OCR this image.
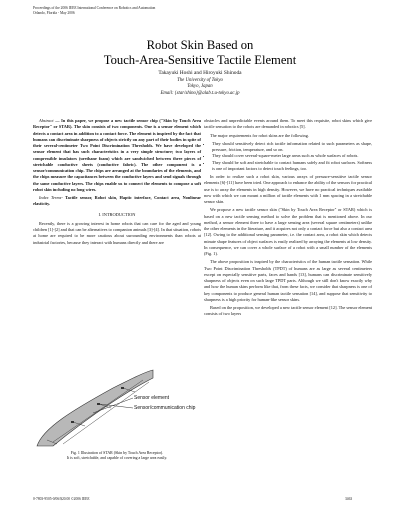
Proceedings of the 2006 IEEE International Conference on Robotics and Automation
Orlando, Florida - May 2006
Robot Skin Based on
Touch-Area-Sensitive Tactile Element
Takayuki Hoshi and Hiroyuki Shinoda
The University of Tokyo
Tokyo, Japan
Email: {star/shino}@alab.t.u-tokyo.ac.jp

Abstract — In this paper, we propose a new tactile sensor chip ("Skin by Touch Area Receptor" or STAR). The skin consists of two components. One is a sensor element which detects a contact area in addition to a contact force. The element is inspired by the fact that humans can discriminate sharpness of objects strictly on any part of their bodies in spite of their several-centimeter Two Point Discrimination Thresholds. We have developed the sensor element that has such characteristics in a very simple structure; two layers of compressible insulators (urethane foam) which are sandwiched between three pieces of stretchable conductive sheets (conductive fabric). The other component is a sensor/communication chip. The chips are arranged at the boundaries of the elements, and the chips measure the capacitances between the conductive layers and send signals through the same conductive layers. The chips enable us to connect the elements to compose a soft robot skin including no long wires.

Index Terms- Tactile sensor, Robot skin, Haptic interface, Contact area, Nonlinear elasticity.

I. INTRODUCTION

Recently, there is a growing interest in home robots that can care for the aged and young children [1]-[2] and that can be alternatives to companion animals [3]-[4]. In that situation, robots at home are required to be more cautious about surrounding environments than robots at industrial factories, because they interact with humans directly and there are

Sensor element
Sensor/communication chip
Fig. 1 Illustration of STAR (Skin by Touch Area Receptor).
It is soft, stretchable, and capable of covering a large area easily.

obstacles and unpredictable events around them. To meet this requisite, robot skins which give tactile sensation to the robots are demanded in robotics [5].

The major requirements for robot skins are the following.

• They should sensitively detect rich tactile information related to such parameters as shape, pressure, friction, temperature, and so on.
• They should cover several-square-meter large areas such as whole surfaces of robots.
• They should be soft and stretchable to contact humans safely and fit robot surfaces. Softness is one of important factors to detect touch feelings, too.

In order to realize such a robot skin, various arrays of pressure-sensitive tactile sensor elements [6]-[11] have been tried. One approach to enhance the ability of the sensors for practical use is to array the elements in high density. However, we have no practical techniques available now with which we can mount a million of tactile elements with 1 mm spacing in a stretchable sensor skin.

We propose a new tactile sensor skin ("Skin by Touch Area Receptor" or STAR) which is based on a new tactile sensing method to solve the problem that is mentioned above. In our method, a sensor element three to have a large sensing area (several square centimeters) unlike the other elements in the literature, and it acquires not only a contact force but also a contact area [12]. Owing to the additional sensing parameter, i.e. the contact area, a robot skin which detects minute shape features of object surfaces is easily realized by arraying the elements at low density. In consequence, we can cover a whole surface of a robot with a small number of the elements (Fig. 1).

The above proposition is inspired by the characteristics of the human tactile sensation. While Two Point Discrimination Thresholds (TPDT) of humans are as large as several centimeters except on especially sensitive parts, faces and hands [13], humans can discriminate sensitively sharpness of objects even on such large TPDT parts. Although we still don't know exactly why and how the human skins perform like that, from these facts, we consider that sharpness is one of key components to produce general human tactile sensation [14], and suppose that sensitivity to sharpness is a high priority for human-like sensor skins.

Based on the proposition, we developed a new tactile sensor element [12]. The sensor element consists of two layers

0-7803-9505-0/06/$20.00 ©2006 IEEE	3463
